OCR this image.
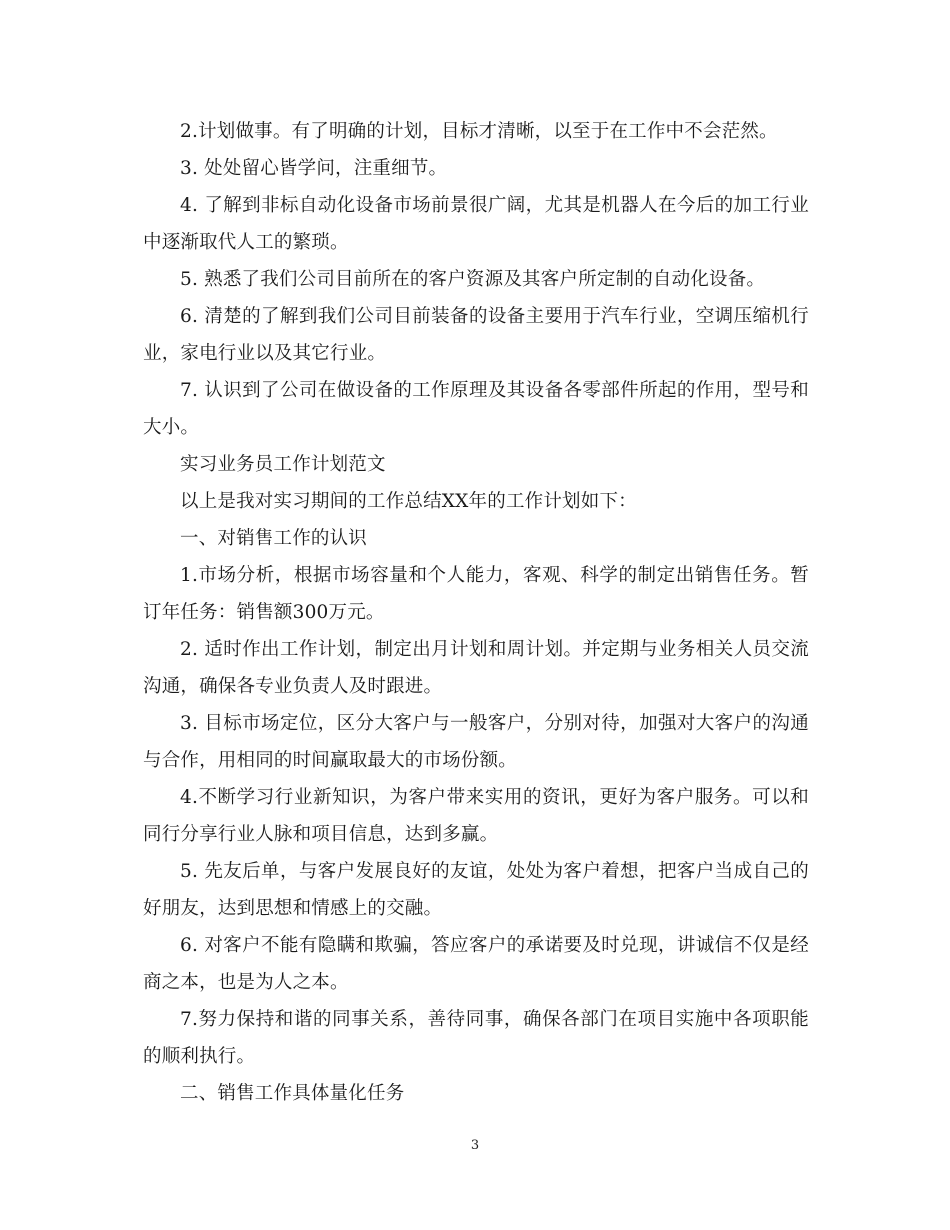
2.计划做事。有了明确的计划，目标才清晰，以至于在工作中不会茫然。

3. 处处留心皆学问，注重细节。

4. 了解到非标自动化设备市场前景很广阔，尤其是机器人在今后的加工行业中逐渐取代人工的繁琐。

5. 熟悉了我们公司目前所在的客户资源及其客户所定制的自动化设备。

6. 清楚的了解到我们公司目前装备的设备主要用于汽车行业，空调压缩机行业，家电行业以及其它行业。

7. 认识到了公司在做设备的工作原理及其设备各零部件所起的作用，型号和大小。

实习业务员工作计划范文

以上是我对实习期间的工作总结XX年的工作计划如下：

一、对销售工作的认识

1.市场分析，根据市场容量和个人能力，客观、科学的制定出销售任务。暂订年任务：销售额300万元。

2. 适时作出工作计划，制定出月计划和周计划。并定期与业务相关人员交流沟通，确保各专业负责人及时跟进。

3. 目标市场定位，区分大客户与一般客户，分别对待，加强对大客户的沟通与合作，用相同的时间赢取最大的市场份额。

4.不断学习行业新知识，为客户带来实用的资讯，更好为客户服务。可以和同行分享行业人脉和项目信息，达到多赢。

5. 先友后单，与客户发展良好的友谊，处处为客户着想，把客户当成自己的好朋友，达到思想和情感上的交融。

6. 对客户不能有隐瞒和欺骗，答应客户的承诺要及时兑现，讲诚信不仅是经商之本，也是为人之本。

7.努力保持和谐的同事关系，善待同事，确保各部门在项目实施中各项职能的顺利执行。

二、销售工作具体量化任务

3
